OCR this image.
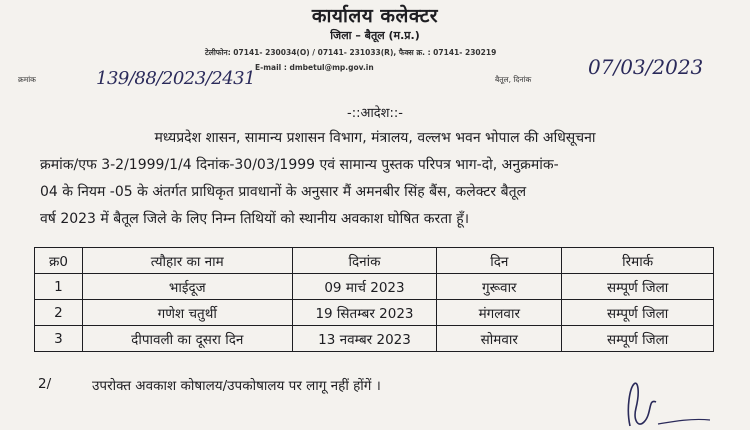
कार्यालय कलेक्टर
जिला – बैतूल (म.प्र.)
टेलीफोन: 07141- 230034(O) / 07141- 231033(R), फैक्स क्र. : 07141- 230219
E-mail : dmbetul@mp.gov.in
क्रमांक	139/88/2023/2431	बैतूल, दिनांक
07/03/2023
-::आदेश::-
मध्यप्रदेश शासन, सामान्य प्रशासन विभाग, मंत्रालय, वल्लभ भवन भोपाल की अधिसूचना
क्रमांक/एफ 3-2/1999/1/4 दिनांक-30/03/1999 एवं सामान्य पुस्तक परिपत्र भाग-दो, अनुक्रमांक-
04 के नियम -05 के अंतर्गत प्राधिकृत प्रावधानों के अनुसार मैं अमनबीर सिंह बैंस, कलेक्टर बैतूल
वर्ष 2023 में बैतूल जिले के लिए निम्न तिथियों को स्थानीय अवकाश घोषित करता हूँ।
क्र0	त्यौहार का नाम	दिनांक	दिन	रिमार्क
1	भाईदूज	09 मार्च 2023	गुरूवार	सम्पूर्ण जिला
2	गणेश चतुर्थी	19 सितम्बर 2023	मंगलवार	सम्पूर्ण जिला
3	दीपावली का दूसरा दिन	13 नवम्बर 2023	सोमवार	सम्पूर्ण जिला
2/	उपरोक्त अवकाश कोषालय/उपकोषालय पर लागू नहीं होंगें ।
